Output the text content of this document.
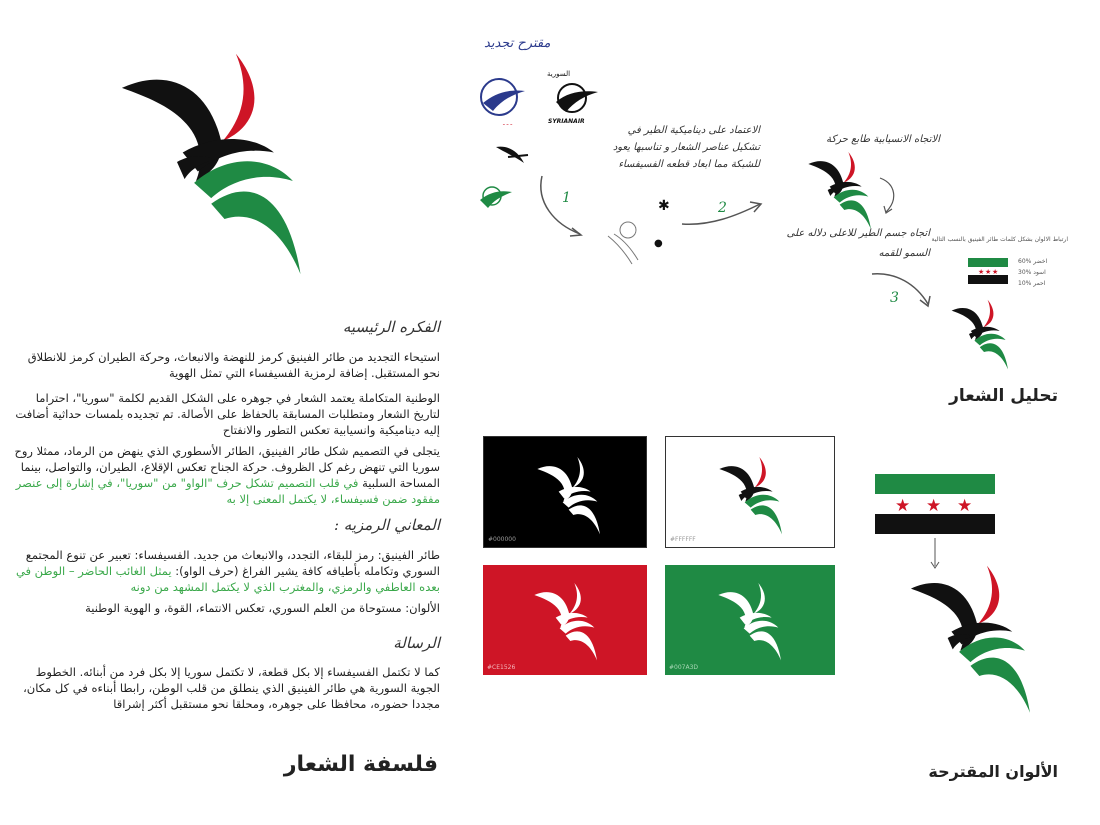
الفكره الرئيسيه
استيحاء التجديد من طائر الفينيق كرمز للنهضة والانبعاث، وحركة الطيران كرمز للانطلاق نحو المستقبل. إضافة لرمزية الفسيفساء التي تمثل الهوية
الوطنية المتكاملة يعتمد الشعار في جوهره على الشكل القديم لكلمة "سوريا"، احتراما لتاريخ الشعار ومتطلبات المسابقة بالحفاظ على الأصالة. تم تجديده بلمسات حداثية أضافت إليه ديناميكية وانسيابية تعكس التطور والانفتاح
يتجلى في التصميم شكل طائر الفينيق، الطائر الأسطوري الذي ينهض من الرماد، ممثلا روح سوريا التي تنهض رغم كل الظروف. حركة الجناح تعكس الإقلاع، الطيران، والتواصل، بينما المساحة السلبية في قلب التصميم تشكل حرف "الواو" من "سوريا"، في إشارة إلى عنصر مفقود ضمن فسيفساء، لا يكتمل المعنى إلا به
المعاني الرمزيه :
طائر الفينيق: رمز للبقاء، التجدد، والانبعاث من جديد. الفسيفساء: تعبير عن تنوع المجتمع السوري وتكامله بأطيافه كافة يشير الفراغ (حرف الواو): يمثل الغائب الحاضر – الوطن في بعده العاطفي والرمزي، والمغترب الذي لا يكتمل المشهد من دونه
الألوان: مستوحاة من العلم السوري، تعكس الانتماء، القوة، و الهوية الوطنية
الرسالة
كما لا تكتمل الفسيفساء إلا بكل قطعة، لا تكتمل سوريا إلا بكل فرد من أبنائه. الخطوط الجوية السورية هي طائر الفينيق الذي ينطلق من قلب الوطن، رابطا أبناءه في كل مكان، مجددا حضوره، محافظا على جوهره، ومحلقا نحو مستقبل أكثر إشراقا
فلسفة الشعار
مقترح تجديد
ـ ـ ـ
السورية
SYRIANAIR
1	✱
●
الاعتماد على ديناميكية الطير في تشكيل عناصر الشعار و تناسبها يعود للشبكة مما ابعاد قطعه الفسيفساء
2
الاتجاه الانسيابية طابع حركة
اتجاه جسم الطير للاعلى دلاله على السمو للقمه
ارتباط الالوان بشكل كلمات طائر الفينيق بالنسب التالية
★ ★ ★
60% اخضر
30% اسود
10% احمر
3
تحليل الشعار
#000000	#FFFFFF
#CE1526	#007A3D
★ ★ ★
الألوان المقترحة
